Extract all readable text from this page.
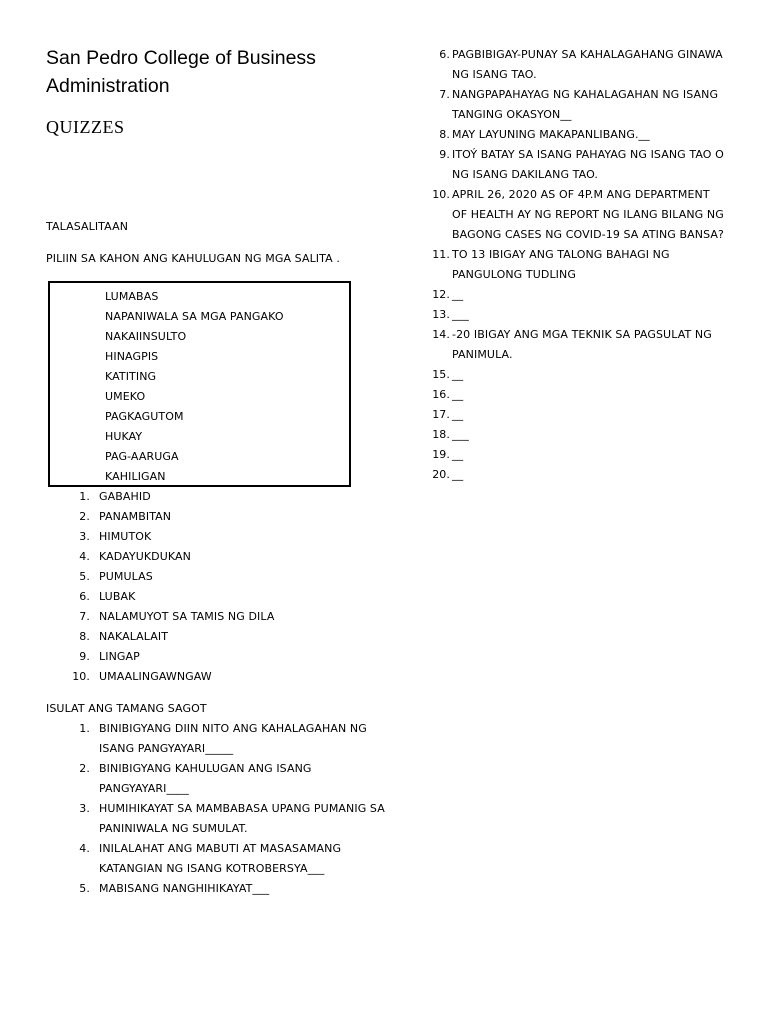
San Pedro College of Business Administration
QUIZZES

TALASALITAAN

PILIIN SA KAHON ANG KAHULUGAN NG MGA SALITA .

LUMABAS
NAPANIWALA SA MGA PANGAKO
NAKAIINSULTO
HINAGPIS
KATITING
UMEKO
PAGKAGUTOM
HUKAY
PAG-AARUGA
KAHILIGAN
1. GABAHID
2. PANAMBITAN
3. HIMUTOK
4. KADAYUKDUKAN
5. PUMULAS
6. LUBAK
7. NALAMUYOT SA TAMIS NG DILA
8. NAKALALAIT
9. LINGAP
10. UMAALINGAWNGAW

ISULAT ANG TAMANG SAGOT

1. BINIBIGYANG DIIN NITO ANG KAHALAGAHAN NG ISANG PANGYAYARI_____
2. BINIBIGYANG KAHULUGAN ANG ISANG PANGYAYARI____
3. HUMIHIKAYAT SA MAMBABASA UPANG PUMANIG SA PANINIWALA NG SUMULAT.
4. INILALAHAT ANG MABUTI AT MASASAMANG KATANGIAN NG ISANG KOTROBERSYA___
5. MABISANG NANGHIHIKAYAT___
6. PAGBIBIGAY-PUNAY SA KAHALAGAHANG GINAWA NG ISANG TAO.
7. NANGPAPAHAYAG NG KAHALAGAHAN NG ISANG TANGING OKASYON__
8. MAY LAYUNING MAKAPANLIBANG.__
9. ITOÝ BATAY SA ISANG PAHAYAG NG ISANG TAO O NG ISANG DAKILANG TAO.
10. APRIL 26, 2020 AS OF 4P.M ANG DEPARTMENT OF HEALTH AY NG REPORT NG ILANG BILANG NG BAGONG CASES NG COVID-19 SA ATING BANSA?
11. TO 13 IBIGAY ANG TALONG BAHAGI NG PANGULONG TUDLING
12. __
13. ___
14. -20 IBIGAY ANG MGA TEKNIK SA PAGSULAT NG PANIMULA.
15. __
16. __
17. __
18. ___
19. __
20. __
